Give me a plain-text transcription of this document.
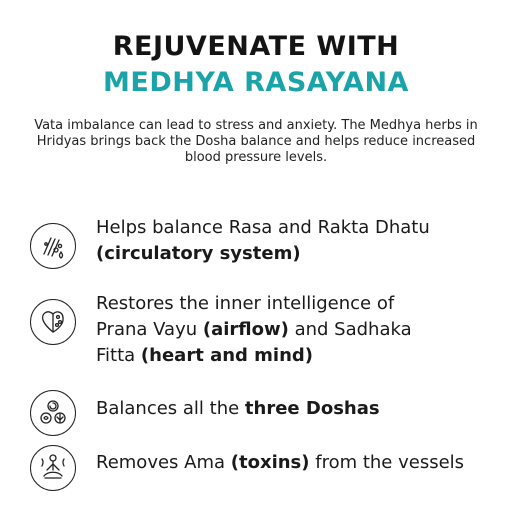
REJUVENATE WITH
MEDHYA RASAYANA
Vata imbalance can lead to stress and anxiety. The Medhya herbs in Hridyas brings back the Dosha balance and helps reduce increased blood pressure levels.
Helps balance Rasa and Rakta Dhatu
(circulatory system)
Restores the inner intelligence of
Prana Vayu (airflow) and Sadhaka
Fitta (heart and mind)
Balances all the three Doshas
Removes Ama (toxins) from the vessels
